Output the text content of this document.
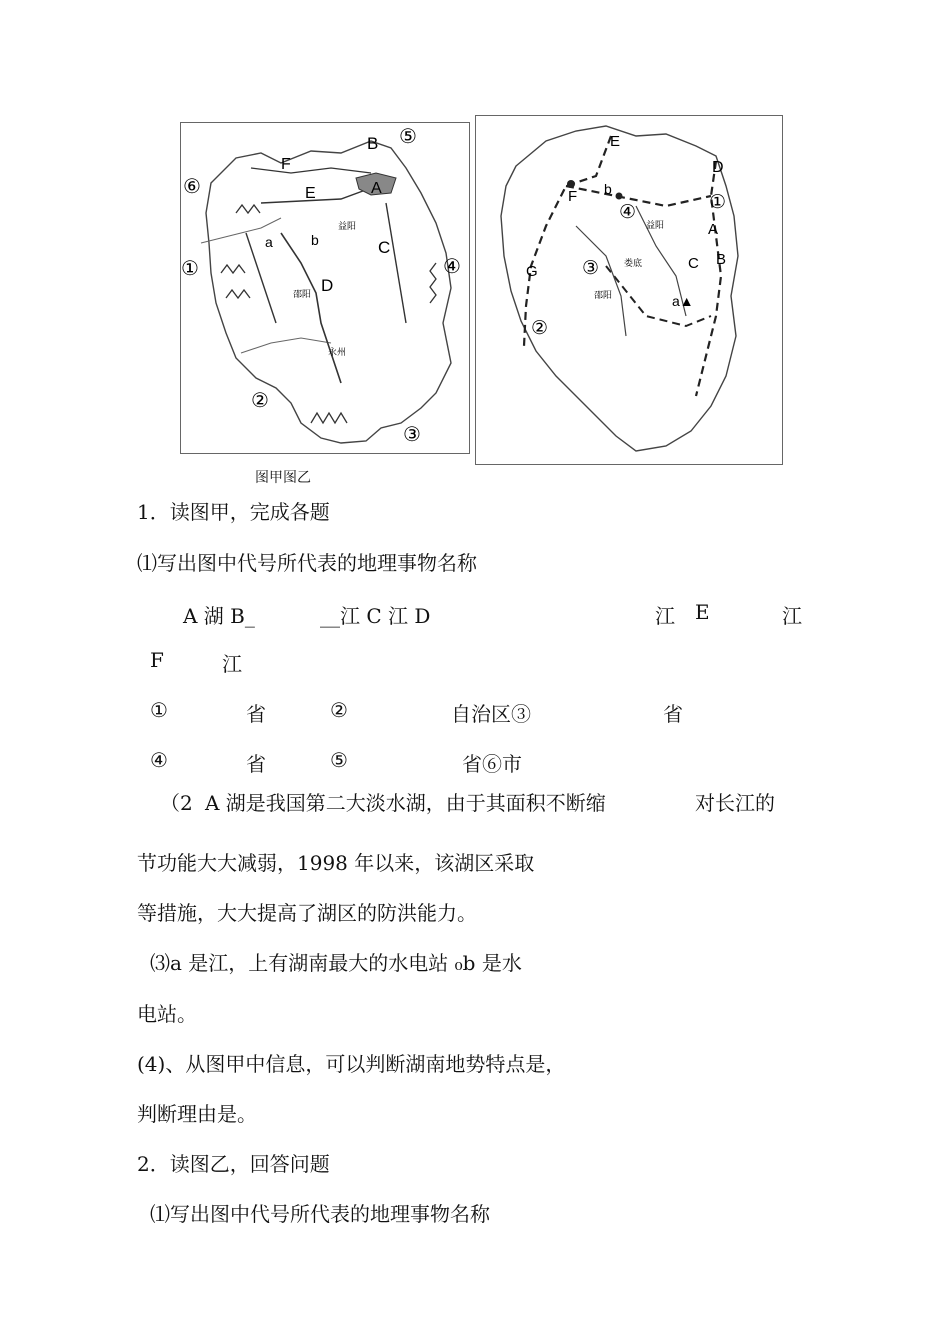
A
B
C
D
E
F
a	b
①
②
③
④
⑤
⑥
益阳
邵阳
永州
A
B
C
D
E
F
G
a▲
b
①
②
③
④
益阳
娄底
邵阳
图甲图乙
1．读图甲，完成各题
⑴写出图中代号所代表的地理事物名称
A 湖 B_	__江 C 江 D	江 E	江
F	江
①	省	②	自治区③	省
④	省	⑤	省⑥市
（2 A 湖是我国第二大淡水湖，由于其面积不断缩	对长江的
节功能大大减弱，1998 年以来，该湖区采取
等措施，大大提高了湖区的防洪能力。
⑶a 是江，上有湖南最大的水电站 ₀b 是水
电站。
(4)、从图甲中信息，可以判断湖南地势特点是，
判断理由是。
2．读图乙，回答问题
⑴写出图中代号所代表的地理事物名称
